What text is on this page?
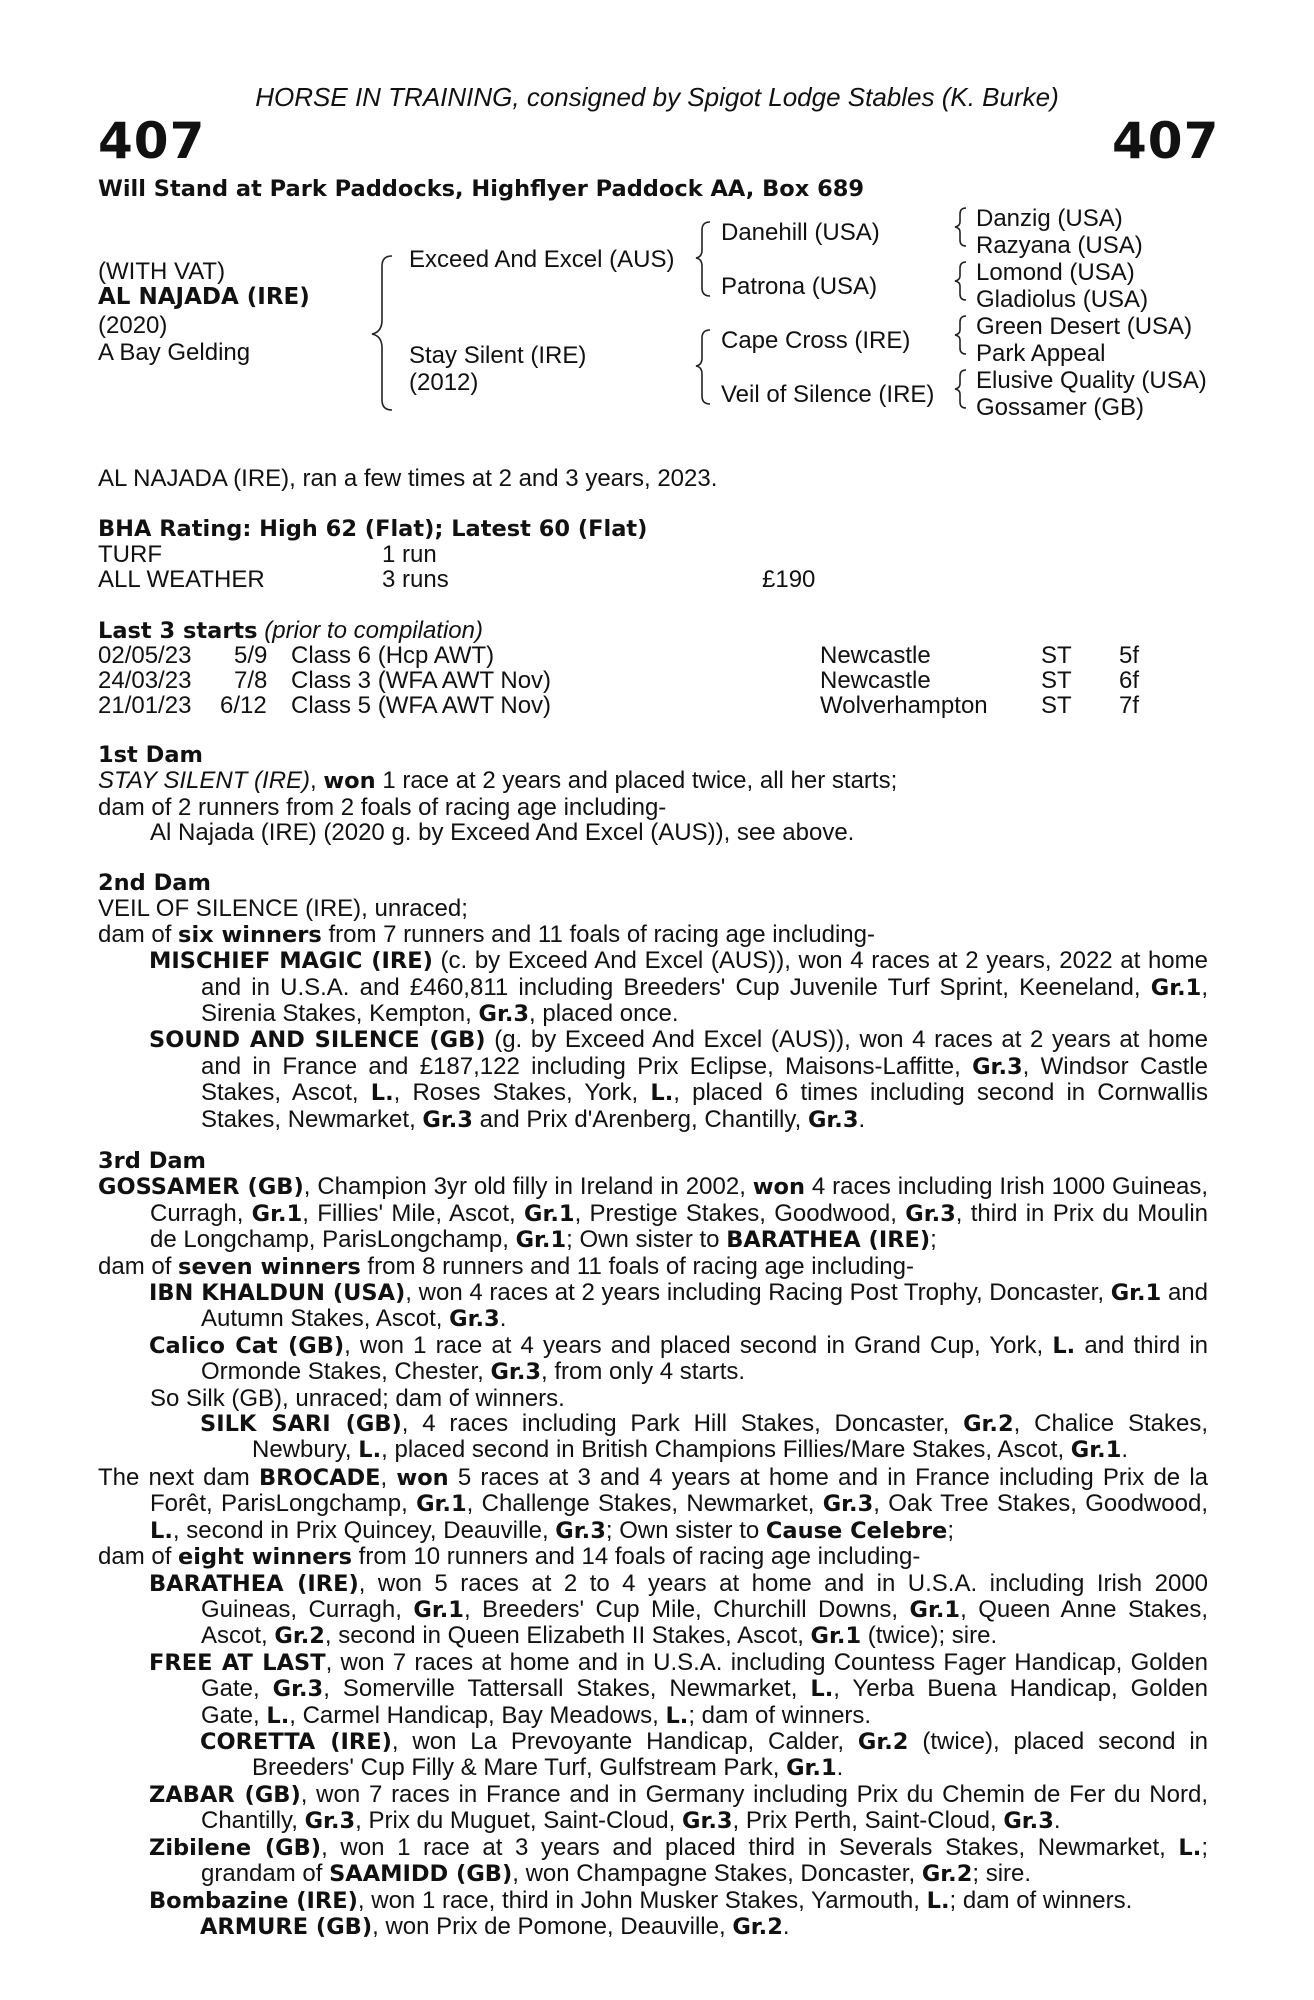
HORSE IN TRAINING, consigned by Spigot Lodge Stables (K. Burke)
407	407
Will Stand at Park Paddocks, Highflyer Paddock AA, Box 689
(WITH VAT)
AL NAJADA (IRE)
(2020)
A Bay Gelding
Exceed And Excel (AUS)
Stay Silent (IRE)
(2012)
Danehill (USA)
Patrona (USA)
Cape Cross (IRE)
Veil of Silence (IRE)
Danzig (USA)
Razyana (USA)
Lomond (USA)
Gladiolus (USA)
Green Desert (USA)
Park Appeal
Elusive Quality (USA)
Gossamer (GB)
AL NAJADA (IRE), ran a few times at 2 and 3 years, 2023.
BHA Rating: High 62 (Flat); Latest 60 (Flat)
TURF	1 run
ALL WEATHER	3 runs	£190
Last 3 starts (prior to compilation)
02/05/23 5/9 Class 6 (Hcp AWT)	Newcastle	ST 5f
24/03/23 7/8 Class 3 (WFA AWT Nov)	Newcastle	ST 6f
21/01/23 6/12 Class 5 (WFA AWT Nov)	Wolverhampton ST 7f

1st Dam

STAY SILENT (IRE), won 1 race at 2 years and placed twice, all her starts;

dam of 2 runners from 2 foals of racing age including-

Al Najada (IRE) (2020 g. by Exceed And Excel (AUS)), see above.

2nd Dam

VEIL OF SILENCE (IRE), unraced;

dam of six winners from 7 runners and 11 foals of racing age including-

MISCHIEF MAGIC (IRE) (c. by Exceed And Excel (AUS)), won 4 races at 2 years, 2022 at home and in U.S.A. and £460,811 including Breeders' Cup Juvenile Turf Sprint, Keeneland, Gr.1, Sirenia Stakes, Kempton, Gr.3, placed once.

SOUND AND SILENCE (GB) (g. by Exceed And Excel (AUS)), won 4 races at 2 years at home and in France and £187,122 including Prix Eclipse, Maisons-Laffitte, Gr.3, Windsor Castle Stakes, Ascot, L., Roses Stakes, York, L., placed 6 times including second in Cornwallis Stakes, Newmarket, Gr.3 and Prix d'Arenberg, Chantilly, Gr.3.

3rd Dam

GOSSAMER (GB), Champion 3yr old filly in Ireland in 2002, won 4 races including Irish 1000 Guineas, Curragh, Gr.1, Fillies' Mile, Ascot, Gr.1, Prestige Stakes, Goodwood, Gr.3, third in Prix du Moulin de Longchamp, ParisLongchamp, Gr.1; Own sister to BARATHEA (IRE);

dam of seven winners from 8 runners and 11 foals of racing age including-

IBN KHALDUN (USA), won 4 races at 2 years including Racing Post Trophy, Doncaster, Gr.1 and Autumn Stakes, Ascot, Gr.3.

Calico Cat (GB), won 1 race at 4 years and placed second in Grand Cup, York, L. and third in Ormonde Stakes, Chester, Gr.3, from only 4 starts.

So Silk (GB), unraced; dam of winners.

SILK SARI (GB), 4 races including Park Hill Stakes, Doncaster, Gr.2, Chalice Stakes, Newbury, L., placed second in British Champions Fillies/Mare Stakes, Ascot, Gr.1.

The next dam BROCADE, won 5 races at 3 and 4 years at home and in France including Prix de la Forêt, ParisLongchamp, Gr.1, Challenge Stakes, Newmarket, Gr.3, Oak Tree Stakes, Goodwood, L., second in Prix Quincey, Deauville, Gr.3; Own sister to Cause Celebre;

dam of eight winners from 10 runners and 14 foals of racing age including-

BARATHEA (IRE), won 5 races at 2 to 4 years at home and in U.S.A. including Irish 2000 Guineas, Curragh, Gr.1, Breeders' Cup Mile, Churchill Downs, Gr.1, Queen Anne Stakes, Ascot, Gr.2, second in Queen Elizabeth II Stakes, Ascot, Gr.1 (twice); sire.

FREE AT LAST, won 7 races at home and in U.S.A. including Countess Fager Handicap, Golden Gate, Gr.3, Somerville Tattersall Stakes, Newmarket, L., Yerba Buena Handicap, Golden Gate, L., Carmel Handicap, Bay Meadows, L.; dam of winners.

CORETTA (IRE), won La Prevoyante Handicap, Calder, Gr.2 (twice), placed second in Breeders' Cup Filly & Mare Turf, Gulfstream Park, Gr.1.

ZABAR (GB), won 7 races in France and in Germany including Prix du Chemin de Fer du Nord, Chantilly, Gr.3, Prix du Muguet, Saint-Cloud, Gr.3, Prix Perth, Saint-Cloud, Gr.3.

Zibilene (GB), won 1 race at 3 years and placed third in Severals Stakes, Newmarket, L.; grandam of SAAMIDD (GB), won Champagne Stakes, Doncaster, Gr.2; sire.

Bombazine (IRE), won 1 race, third in John Musker Stakes, Yarmouth, L.; dam of winners.

ARMURE (GB), won Prix de Pomone, Deauville, Gr.2.
